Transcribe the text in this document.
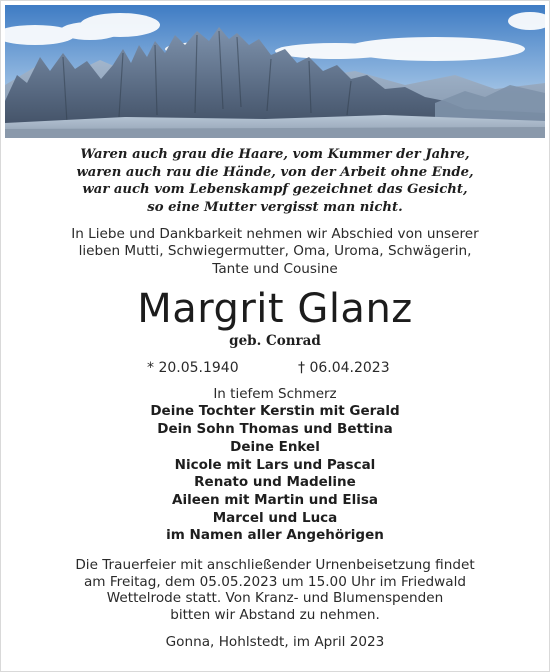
Waren auch grau die Haare, vom Kummer der Jahre,
waren auch rau die Hände, von der Arbeit ohne Ende,
war auch vom Lebenskampf gezeichnet das Gesicht,
so eine Mutter vergisst man nicht.
In Liebe und Dankbarkeit nehmen wir Abschied von unserer
lieben Mutti, Schwiegermutter, Oma, Uroma, Schwägerin,
Tante und Cousine
Margrit Glanz
geb. Conrad
* 20.05.1940	† 06.04.2023
In tiefem Schmerz
Deine Tochter Kerstin mit Gerald
Dein Sohn Thomas und Bettina
Deine Enkel
Nicole mit Lars und Pascal
Renato und Madeline
Aileen mit Martin und Elisa
Marcel und Luca
im Namen aller Angehörigen
Die Trauerfeier mit anschließender Urnenbeisetzung findet
am Freitag, dem 05.05.2023 um 15.00 Uhr im Friedwald
Wettelrode statt. Von Kranz- und Blumenspenden
bitten wir Abstand zu nehmen.
Gonna, Hohlstedt, im April 2023
